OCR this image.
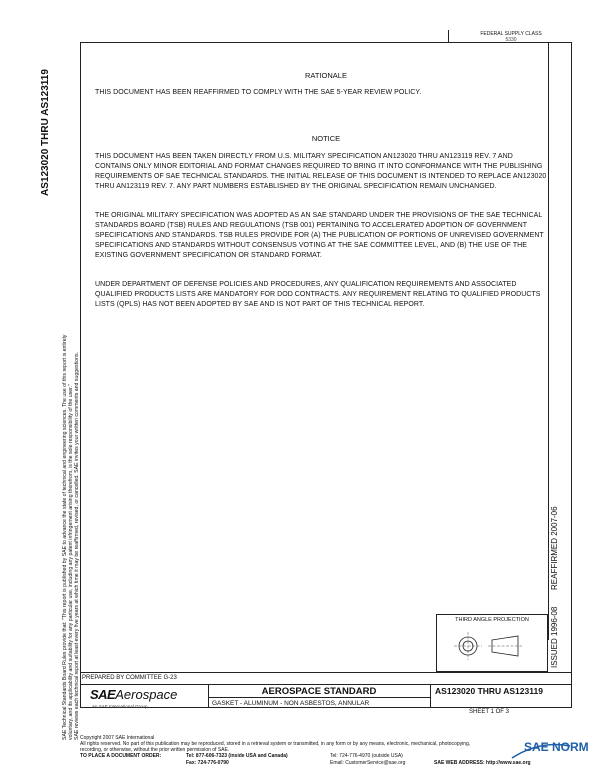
FEDERAL SUPPLY CLASS
5330
REAFFIRMED 2007-06
ISSUED 1996-08
AS123020 THRU AS123119
SAE Technical Standards Board Rules provide that: "This report is published by SAE to advance the state of technical and engineering sciences. The use of this report is entirely voluntary, and its applicability and suitability for any particular use, including any patent infringement arising therefrom, is the sole responsibility of the user." SAE reviews each technical report at least every five years at which time it may be reaffirmed, revised, or cancelled. SAE invites your written comments and suggestions.
RATIONALE
THIS DOCUMENT HAS BEEN REAFFIRMED TO COMPLY WITH THE SAE 5-YEAR REVIEW POLICY.
NOTICE
THIS DOCUMENT HAS BEEN TAKEN DIRECTLY FROM U.S. MILITARY SPECIFICATION AN123020 THRU AN123119 REV. 7 AND CONTAINS ONLY MINOR EDITORIAL AND FORMAT CHANGES REQUIRED TO BRING IT INTO CONFORMANCE WITH THE PUBLISHING REQUIREMENTS OF SAE TECHNICAL STANDARDS. THE INITIAL RELEASE OF THIS DOCUMENT IS INTENDED TO REPLACE AN123020 THRU AN123119 REV. 7. ANY PART NUMBERS ESTABLISHED BY THE ORIGINAL SPECIFICATION REMAIN UNCHANGED.
THE ORIGINAL MILITARY SPECIFICATION WAS ADOPTED AS AN SAE STANDARD UNDER THE PROVISIONS OF THE SAE TECHNICAL STANDARDS BOARD (TSB) RULES AND REGULATIONS (TSB 001) PERTAINING TO ACCELERATED ADOPTION OF GOVERNMENT SPECIFICATIONS AND STANDARDS. TSB RULES PROVIDE FOR (A) THE PUBLICATION OF PORTIONS OF UNREVISED GOVERNMENT SPECIFICATIONS AND STANDARDS WITHOUT CONSENSUS VOTING AT THE SAE COMMITTEE LEVEL, AND (B) THE USE OF THE EXISTING GOVERNMENT SPECIFICATION OR STANDARD FORMAT.
UNDER DEPARTMENT OF DEFENSE POLICIES AND PROCEDURES, ANY QUALIFICATION REQUIREMENTS AND ASSOCIATED QUALIFIED PRODUCTS LISTS ARE MANDATORY FOR DOD CONTRACTS. ANY REQUIREMENT RELATING TO QUALIFIED PRODUCTS LISTS (QPLS) HAS NOT BEEN ADOPTED BY SAE AND IS NOT PART OF THIS TECHNICAL REPORT.
THIRD ANGLE PROJECTION
PREPARED BY COMMITTEE G-23
SAEAerospace
An SAE International Group
AEROSPACE STANDARD
GASKET - ALUMINUM - NON ASBESTOS, ANNULAR
AS123020 THRU AS123119
SHEET 1 OF 3
Copyright 2007 SAE International
All rights reserved. No part of this publication may be reproduced, stored in a retrieval system or transmitted, in any form or by any means, electronic, mechanical, photocopying,
recording, or otherwise, without the prior written permission of SAE.
TO PLACE A DOCUMENT ORDER:	Tel: 877-606-7323 (inside USA and Canada)	Tel: 724-776-4970 (outside USA)
Fax: 724-776-0790	Email: CustomerService@sae.org	SAE WEB ADDRESS: http://www.sae.org
SAE NORM
